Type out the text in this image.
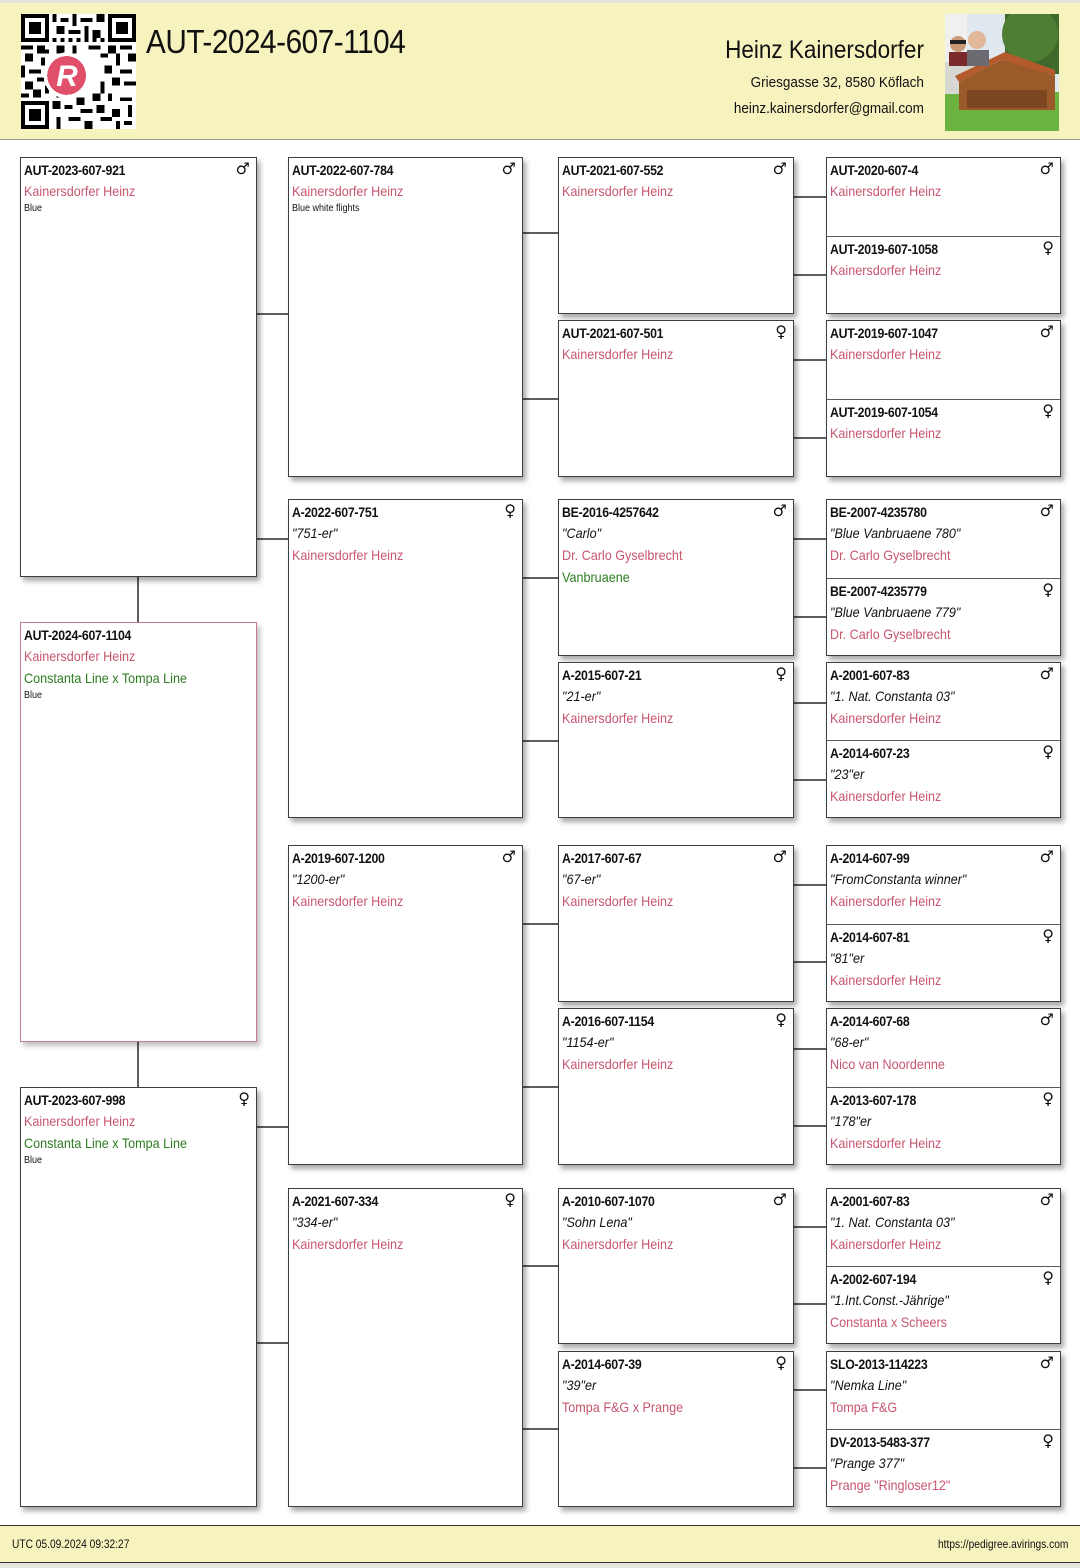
R
AUT-2024-607-1104	Heinz Kainersdorfer
Griesgasse 32, 8580 Köflach
heinz.kainersdorfer@gmail.com
AUT-2023-607-921
Kainersdorfer Heinz
Blue
♂
AUT-2024-607-1104
Kainersdorfer Heinz
Constanta Line x Tompa Line
Blue
AUT-2023-607-998
Kainersdorfer Heinz
Constanta Line x Tompa Line
Blue
♀
AUT-2022-607-784
Kainersdorfer Heinz
Blue white flights
♂
A-2022-607-751
"751-er"
Kainersdorfer Heinz
♀
A-2019-607-1200
"1200-er"
Kainersdorfer Heinz
♂
A-2021-607-334
"334-er"
Kainersdorfer Heinz
♀
AUT-2021-607-552
Kainersdorfer Heinz
♂
AUT-2021-607-501
Kainersdorfer Heinz
♀
BE-2016-4257642
"Carlo"
Dr. Carlo Gyselbrecht
Vanbruaene
♂
A-2015-607-21
"21-er"
Kainersdorfer Heinz
♀
A-2017-607-67
"67-er"
Kainersdorfer Heinz
♂
A-2016-607-1154
"1154-er"
Kainersdorfer Heinz
♀
A-2010-607-1070
"Sohn Lena"
Kainersdorfer Heinz
♂
A-2014-607-39
"39"er
Tompa F&G x Prange
♀
AUT-2020-607-4
Kainersdorfer Heinz
♂
AUT-2019-607-1058
Kainersdorfer Heinz
♀
AUT-2019-607-1047
Kainersdorfer Heinz
♂
AUT-2019-607-1054
Kainersdorfer Heinz
♀
BE-2007-4235780
"Blue Vanbruaene 780"
Dr. Carlo Gyselbrecht
♂
BE-2007-4235779
"Blue Vanbruaene 779"
Dr. Carlo Gyselbrecht
♀
A-2001-607-83
"1. Nat. Constanta 03"
Kainersdorfer Heinz
♂
A-2014-607-23
"23"er
Kainersdorfer Heinz
♀
A-2014-607-99
"FromConstanta winner"
Kainersdorfer Heinz
♂
A-2014-607-81
"81"er
Kainersdorfer Heinz
♀
A-2014-607-68
"68-er"
Nico van Noordenne
♂
A-2013-607-178
"178"er
Kainersdorfer Heinz
♀
A-2001-607-83
"1. Nat. Constanta 03"
Kainersdorfer Heinz
♂
A-2002-607-194
"1.Int.Const.-Jährige"
Constanta x Scheers
♀
SLO-2013-114223
"Nemka Line"
Tompa F&G
♂
DV-2013-5483-377
"Prange 377"
Prange "Ringloser12"
♀
UTC 05.09.2024 09:32:27	https://pedigree.avirings.com
